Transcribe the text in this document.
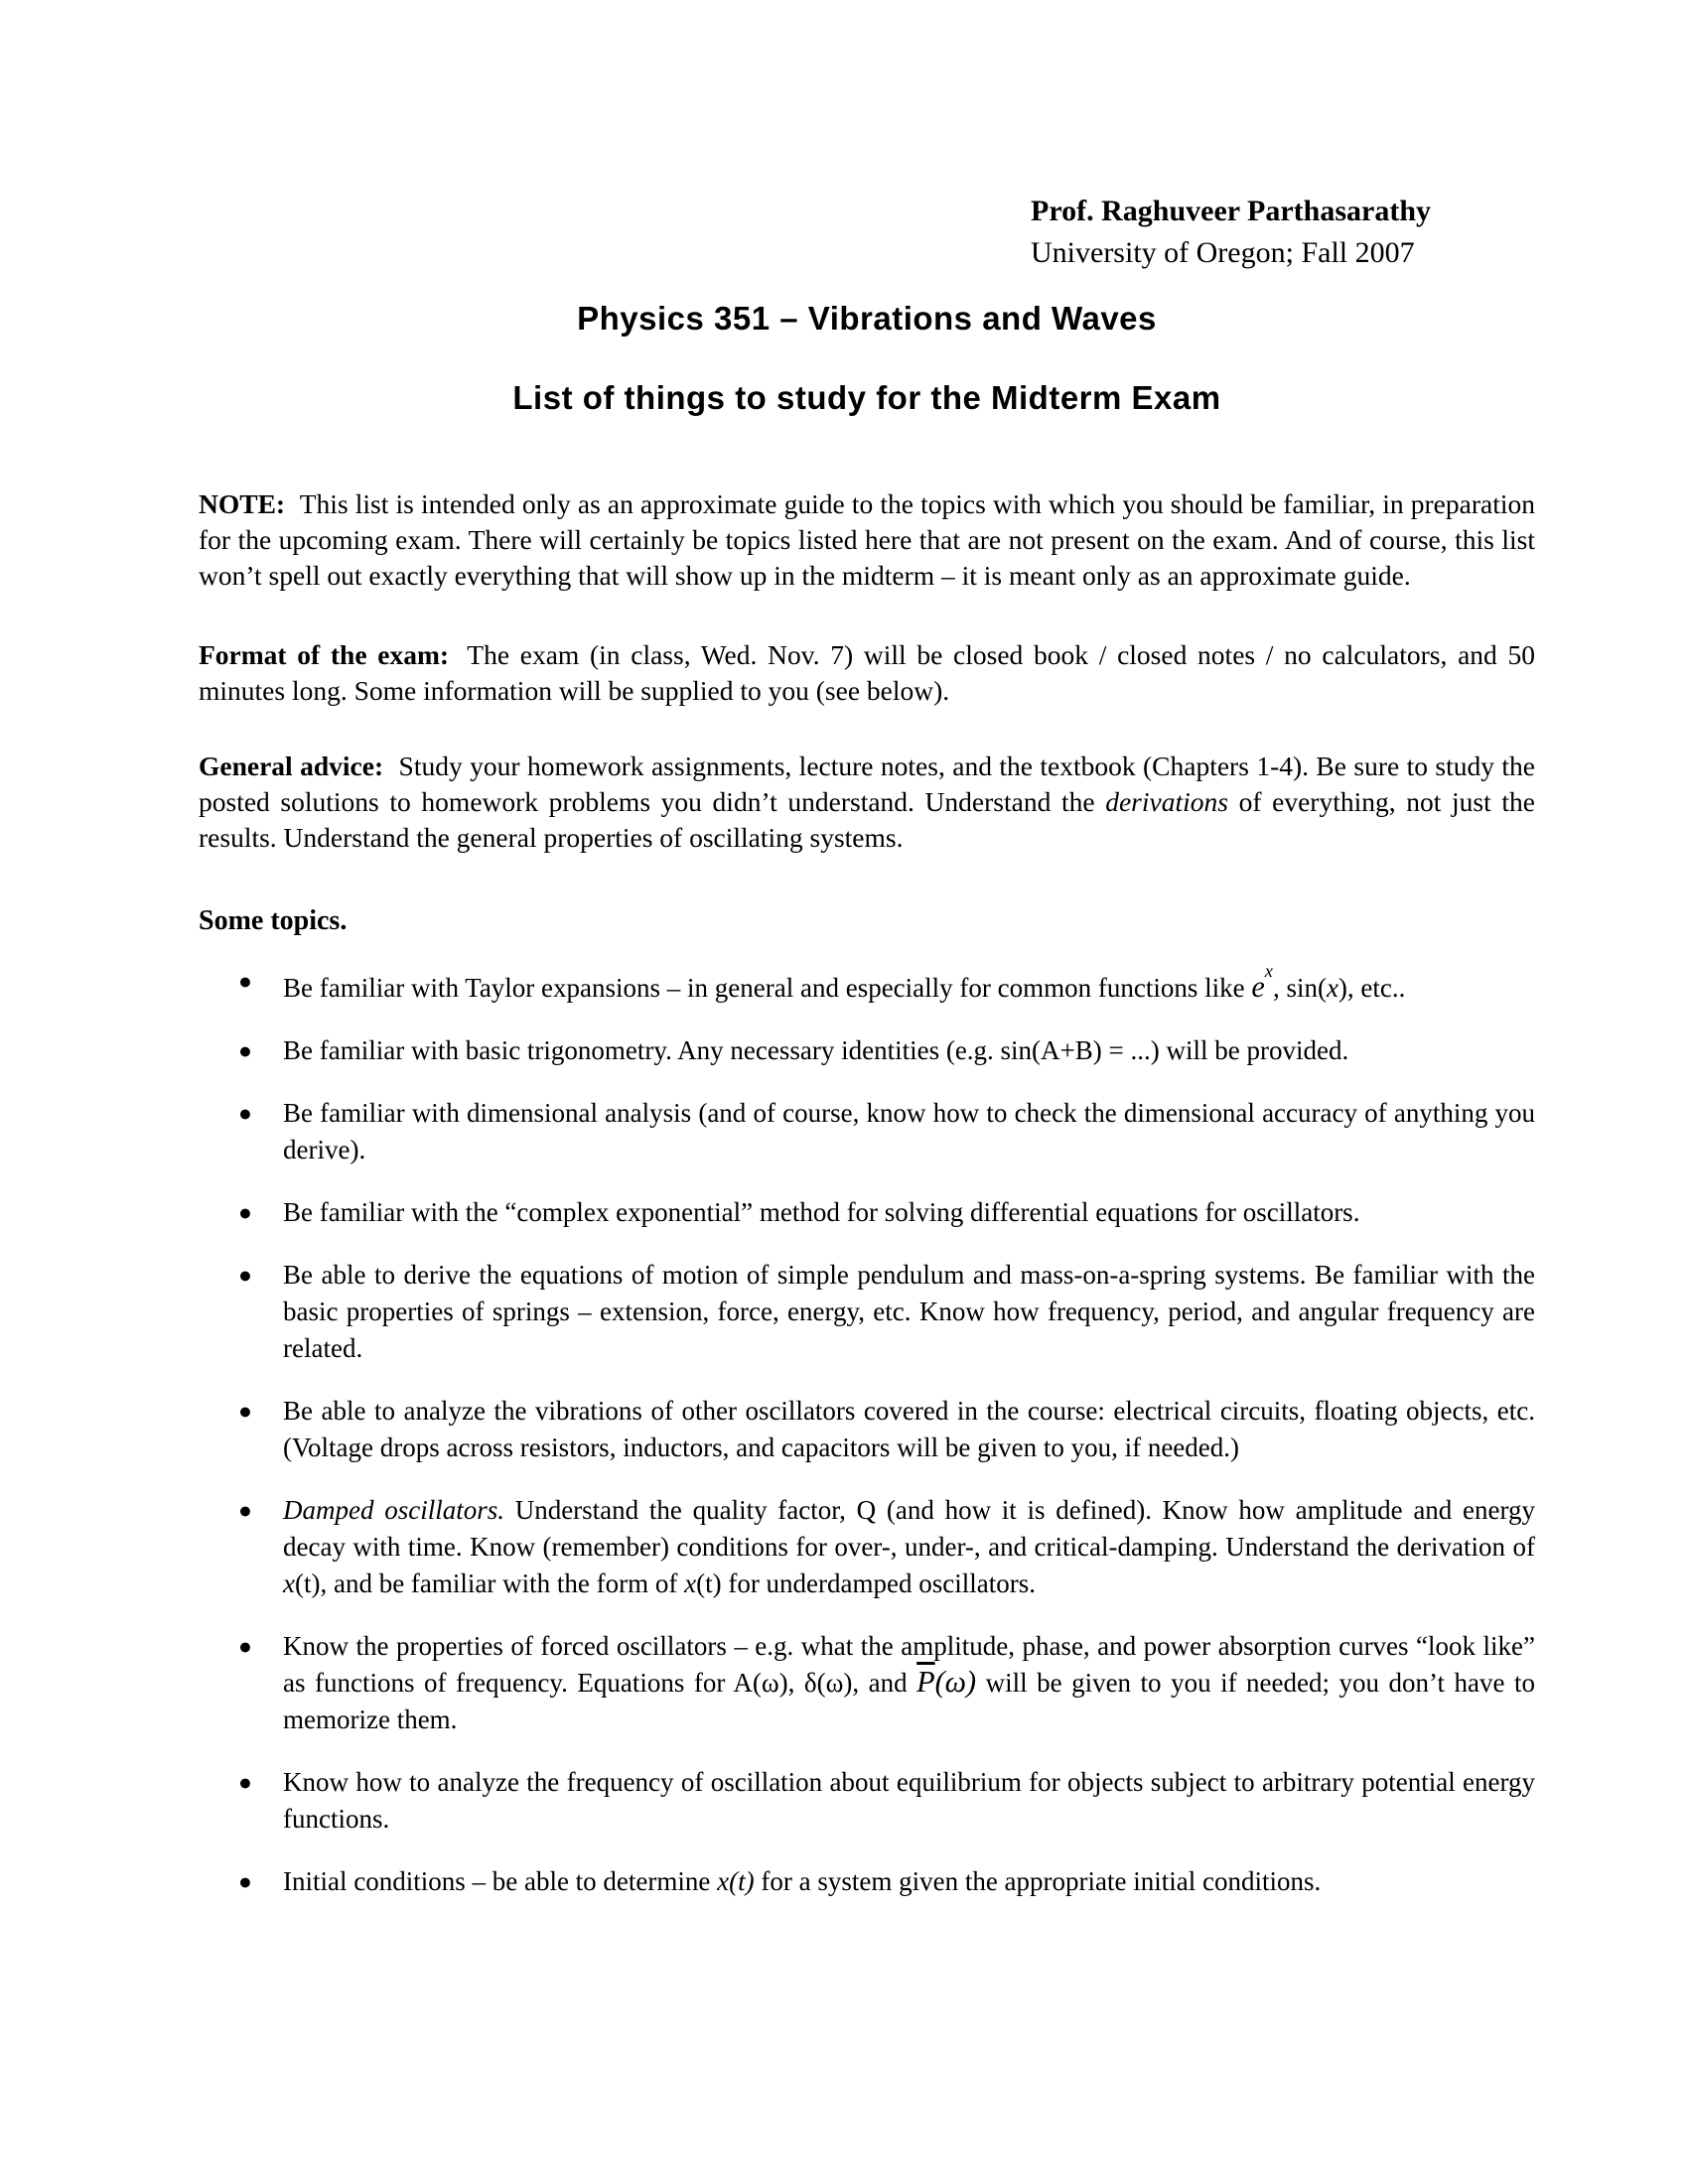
Prof. Raghuveer Parthasarathy
University of Oregon; Fall 2007
Physics 351 – Vibrations and Waves
List of things to study for the Midterm Exam

NOTE: This list is intended only as an approximate guide to the topics with which you should be familiar, in preparation for the upcoming exam. There will certainly be topics listed here that are not present on the exam. And of course, this list won’t spell out exactly everything that will show up in the midterm – it is meant only as an approximate guide.

Format of the exam: The exam (in class, Wed. Nov. 7) will be closed book / closed notes / no calculators, and 50 minutes long. Some information will be supplied to you (see below).

General advice: Study your homework assignments, lecture notes, and the textbook (Chapters 1-4). Be sure to study the posted solutions to homework problems you didn’t understand. Understand the derivations of everything, not just the results. Understand the general properties of oscillating systems.

Some topics.
●	Be familiar with Taylor expansions – in general and especially for common functions like $e^x$, sin(x), etc..
●	Be familiar with basic trigonometry. Any necessary identities (e.g. sin(A+B) = ...) will be provided.
●	Be familiar with dimensional analysis (and of course, know how to check the dimensional accuracy of anything you derive).
●	Be familiar with the “complex exponential” method for solving differential equations for oscillators.
●	Be able to derive the equations of motion of simple pendulum and mass-on-a-spring systems. Be familiar with the basic properties of springs – extension, force, energy, etc. Know how frequency, period, and angular frequency are related.
●	Be able to analyze the vibrations of other oscillators covered in the course: electrical circuits, floating objects, etc. (Voltage drops across resistors, inductors, and capacitors will be given to you, if needed.)
●	Damped oscillators. Understand the quality factor, Q (and how it is defined). Know how amplitude and energy decay with time. Know (remember) conditions for over-, under-, and critical-damping. Understand the derivation of x(t), and be familiar with the form of x(t) for underdamped oscillators.
●	Know the properties of forced oscillators – e.g. what the amplitude, phase, and power absorption curves “look like” as functions of frequency. Equations for A(ω), δ(ω), and $\overline{P}(\omega)$ will be given to you if needed; you don’t have to memorize them.
●	Know how to analyze the frequency of oscillation about equilibrium for objects subject to arbitrary potential energy functions.
●	Initial conditions – be able to determine x(t) for a system given the appropriate initial conditions.
